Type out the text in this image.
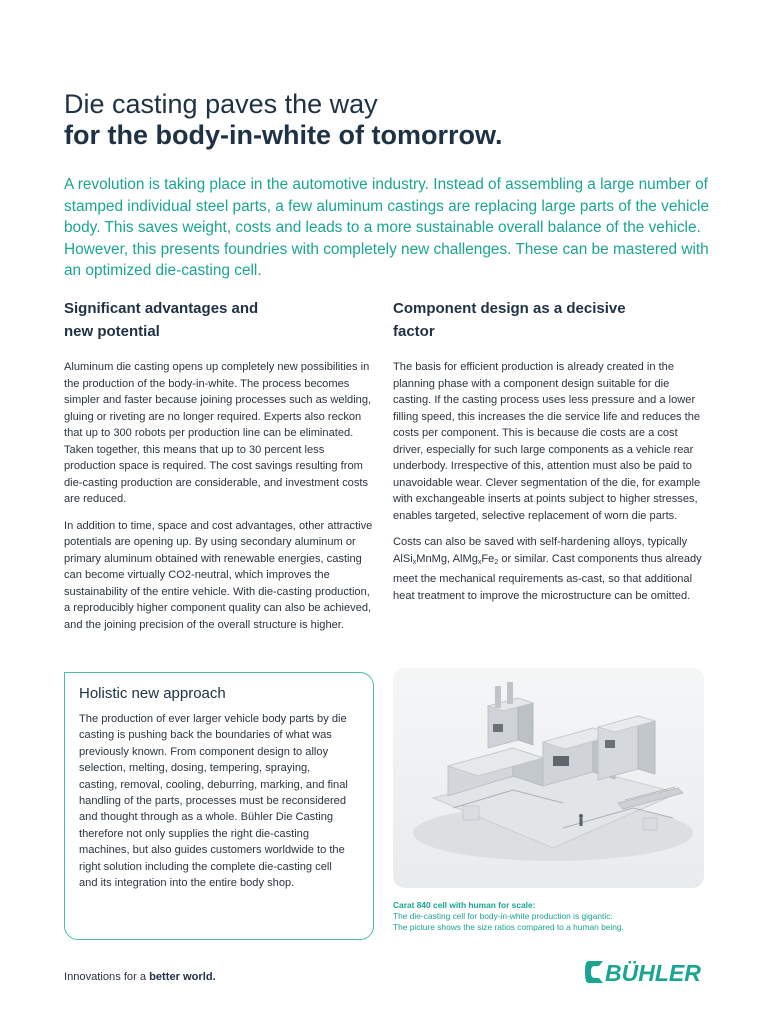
Die casting paves the way
for the body-in-white of tomorrow.

A revolution is taking place in the automotive industry. Instead of assembling a large number of stamped individual steel parts, a few aluminum castings are replacing large parts of the vehicle body. This saves weight, costs and leads to a more sustainable overall balance of the vehicle. However, this presents foundries with completely new challenges. These can be mastered with an optimized die-casting cell.

Significant advantages and
new potential

Aluminum die casting opens up completely new possibilities in the production of the body-in-white. The process becomes simpler and faster because joining processes such as welding, gluing or riveting are no longer required. Experts also reckon that up to 300 robots per production line can be eliminated. Taken together, this means that up to 30 percent less production space is required. The cost savings resulting from die-casting production are considerable, and investment costs are reduced.

In addition to time, space and cost advantages, other attractive potentials are opening up. By using secondary aluminum or primary aluminum obtained with renewable energies, casting can become virtually CO2-neutral, which improves the sustainability of the entire vehicle. With die-casting production, a reproducibly higher component quality can also be achieved, and the joining precision of the overall structure is higher.

Component design as a decisive
factor

The basis for efficient production is already created in the planning phase with a component design suitable for die casting. If the casting process uses less pressure and a lower filling speed, this increases the die service life and reduces the costs per component. This is because die costs are a cost driver, especially for such large components as a vehicle rear underbody. Irrespective of this, attention must also be paid to unavoidable wear. Clever segmentation of the die, for example with exchangeable inserts at points subject to higher stresses, enables targeted, selective replacement of worn die parts.

Costs can also be saved with self-hardening alloys, typically AlSi$_x$MnMg, $AlMg_xFe_2$ or similar. Cast components thus already meet the mechanical requirements as-cast, so that additional heat treatment to improve the microstructure can be omitted.

Holistic new approach

The production of ever larger vehicle body parts by die casting is pushing back the boundaries of what was previously known. From component design to alloy selection, melting, dosing, tempering, spraying, casting, removal, cooling, deburring, marking, and final handling of the parts, processes must be reconsidered and thought through as a whole. Bühler Die Casting therefore not only supplies the right die-casting machines, but also guides customers worldwide to the right solution including the complete die-casting cell and its integration into the entire body shop.

Carat 840 cell with human for scale:
The die-casting cell for body-in-white production is gigantic:
The picture shows the size ratios compared to a human being.
Innovations for a better world.	BÜHLER
